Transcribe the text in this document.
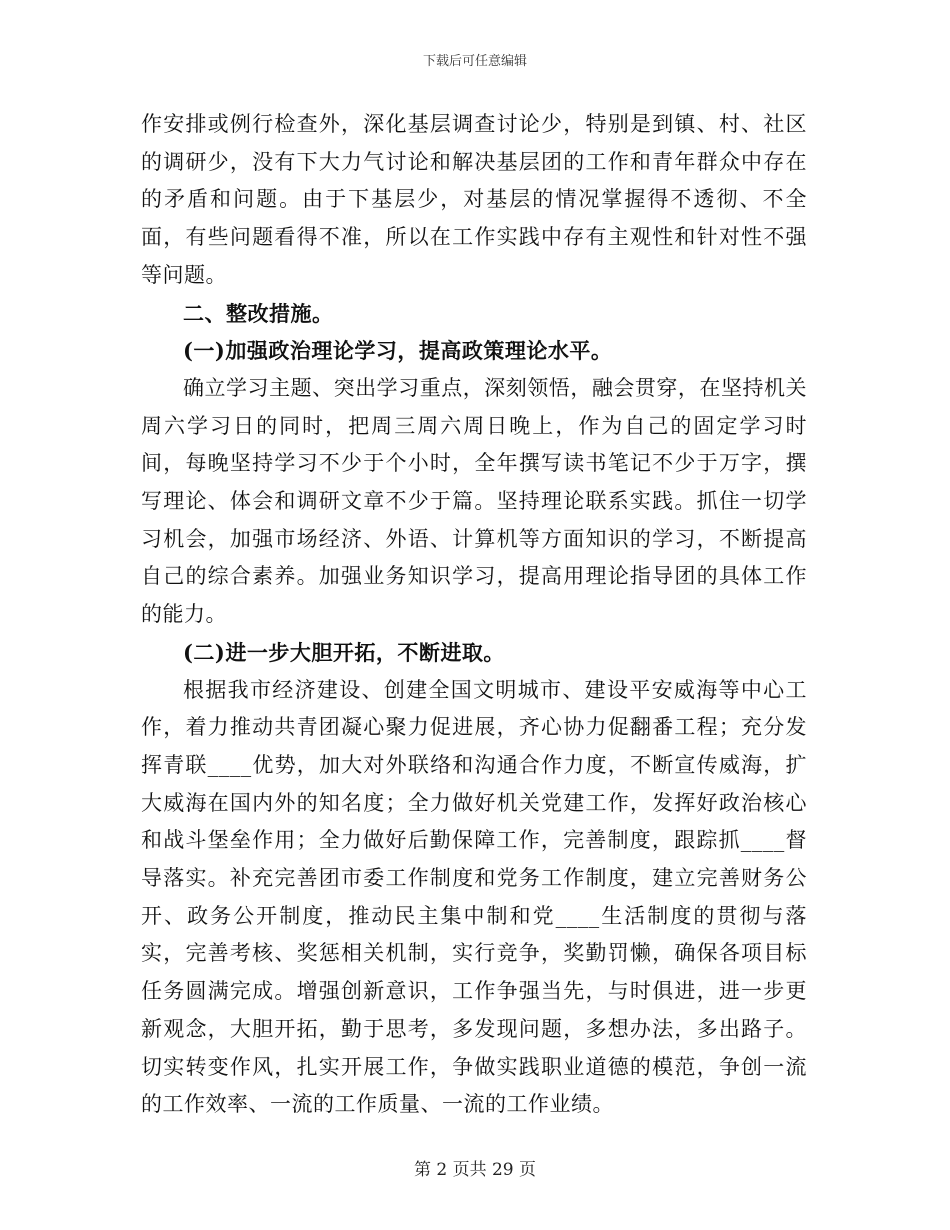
下载后可任意编辑

作安排或例行检查外，深化基层调查讨论少，特别是到镇、村、社区的调研少，没有下大力气讨论和解决基层团的工作和青年群众中存在的矛盾和问题。由于下基层少，对基层的情况掌握得不透彻、不全面，有些问题看得不准，所以在工作实践中存有主观性和针对性不强等问题。

二、整改措施。

(一)加强政治理论学习，提高政策理论水平。

确立学习主题、突出学习重点，深刻领悟，融会贯穿，在坚持机关周六学习日的同时，把周三周六周日晚上，作为自己的固定学习时间，每晚坚持学习不少于个小时，全年撰写读书笔记不少于万字，撰写理论、体会和调研文章不少于篇。坚持理论联系实践。抓住一切学习机会，加强市场经济、外语、计算机等方面知识的学习，不断提高自己的综合素养。加强业务知识学习，提高用理论指导团的具体工作的能力。

(二)进一步大胆开拓，不断进取。

根据我市经济建设、创建全国文明城市、建设平安威海等中心工作，着力推动共青团凝心聚力促进展，齐心协力促翻番工程；充分发挥青联____优势，加大对外联络和沟通合作力度，不断宣传威海，扩大威海在国内外的知名度；全力做好机关党建工作，发挥好政治核心和战斗堡垒作用；全力做好后勤保障工作，完善制度，跟踪抓____督导落实。补充完善团市委工作制度和党务工作制度，建立完善财务公开、政务公开制度，推动民主集中制和党____生活制度的贯彻与落实，完善考核、奖惩相关机制，实行竞争，奖勤罚懒，确保各项目标任务圆满完成。增强创新意识，工作争强当先，与时俱进，进一步更新观念，大胆开拓，勤于思考，多发现问题，多想办法，多出路子。切实转变作风，扎实开展工作，争做实践职业道德的模范，争创一流的工作效率、一流的工作质量、一流的工作业绩。

第 2 页共 29 页
